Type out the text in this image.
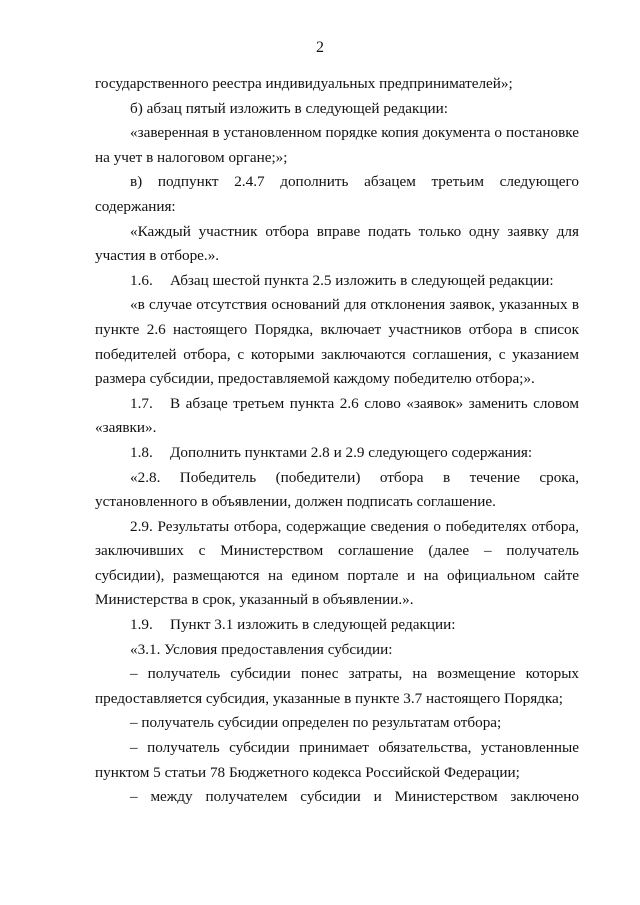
2

государственного реестра индивидуальных предпринимателей»;

б) абзац пятый изложить в следующей редакции:

«заверенная в установленном порядке копия документа о постановке на учет в налоговом органе;»;

в) подпункт 2.4.7 дополнить абзацем третьим следующего содержания:

«Каждый участник отбора вправе подать только одну заявку для участия в отборе.».

1.6. Абзац шестой пункта 2.5 изложить в следующей редакции:

«в случае отсутствия оснований для отклонения заявок, указанных в пункте 2.6 настоящего Порядка, включает участников отбора в список победителей отбора, с которыми заключаются соглашения, с указанием размера субсидии, предоставляемой каждому победителю отбора;».

1.7. В абзаце третьем пункта 2.6 слово «заявок» заменить словом «заявки».

1.8. Дополнить пунктами 2.8 и 2.9 следующего содержания:

«2.8. Победитель (победители) отбора в течение срока, установленного в объявлении, должен подписать соглашение.

2.9. Результаты отбора, содержащие сведения о победителях отбора, заключивших с Министерством соглашение (далее – получатель субсидии), размещаются на едином портале и на официальном сайте Министерства в срок, указанный в объявлении.».

1.9. Пункт 3.1 изложить в следующей редакции:

«3.1. Условия предоставления субсидии:

– получатель субсидии понес затраты, на возмещение которых предоставляется субсидия, указанные в пункте 3.7 настоящего Порядка;

– получатель субсидии определен по результатам отбора;

– получатель субсидии принимает обязательства, установленные пунктом 5 статьи 78 Бюджетного кодекса Российской Федерации;

– между получателем субсидии и Министерством заключено
